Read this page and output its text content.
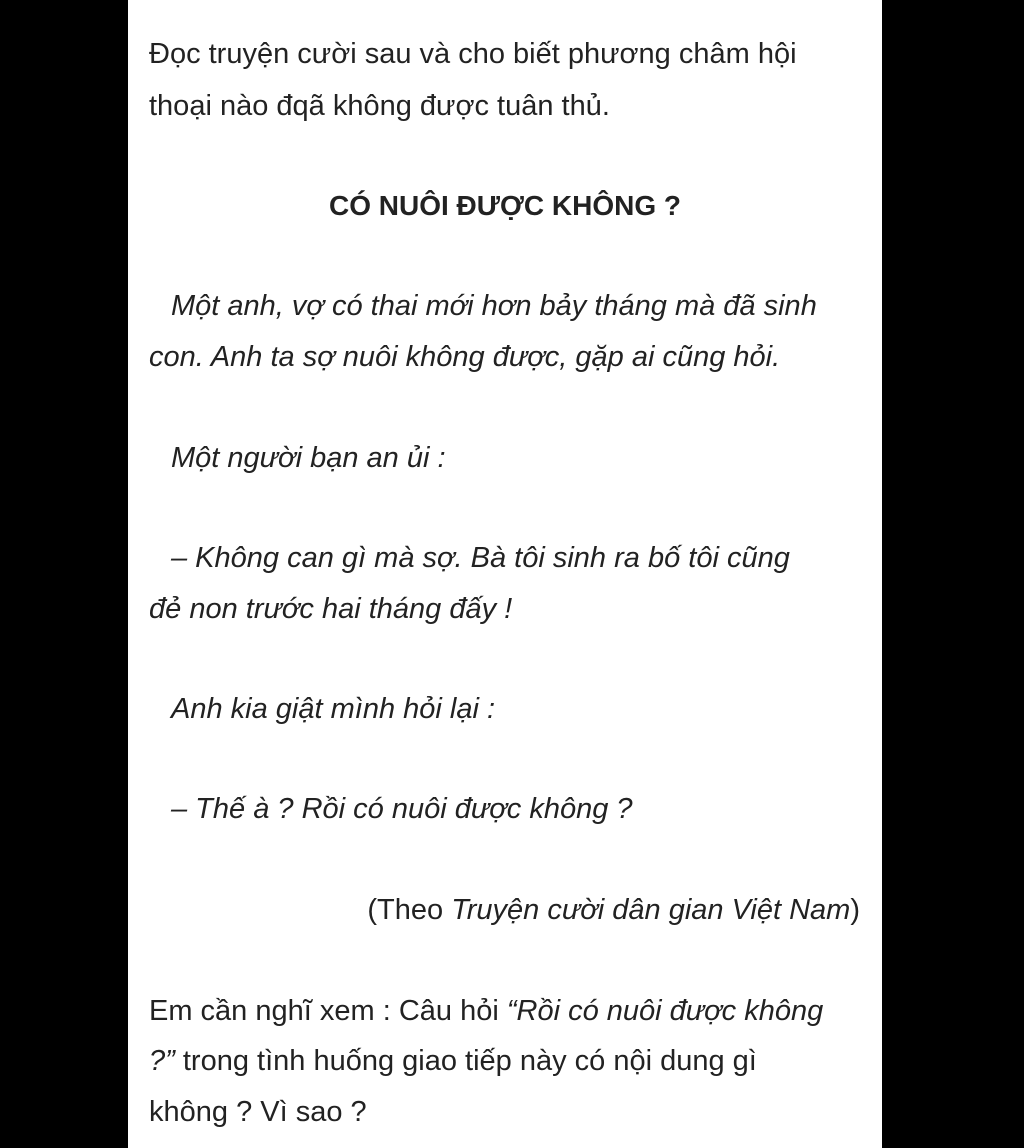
Đọc truyện cười sau và cho biết phương châm hội
thoại nào đqã không được tuân thủ.
CÓ NUÔI ĐƯỢC KHÔNG ?
Một anh, vợ có thai mới hơn bảy tháng mà đã sinh
con. Anh ta sợ nuôi không được, gặp ai cũng hỏi.
Một người bạn an ủi :
– Không can gì mà sợ. Bà tôi sinh ra bố tôi cũng
đẻ non trước hai tháng đấy !
Anh kia giật mình hỏi lại :
– Thế à ? Rồi có nuôi được không ?
(Theo Truyện cười dân gian Việt Nam)
Em cần nghĩ xem : Câu hỏi “Rồi có nuôi được không
?” trong tình huống giao tiếp này có nội dung gì
không ? Vì sao ?
